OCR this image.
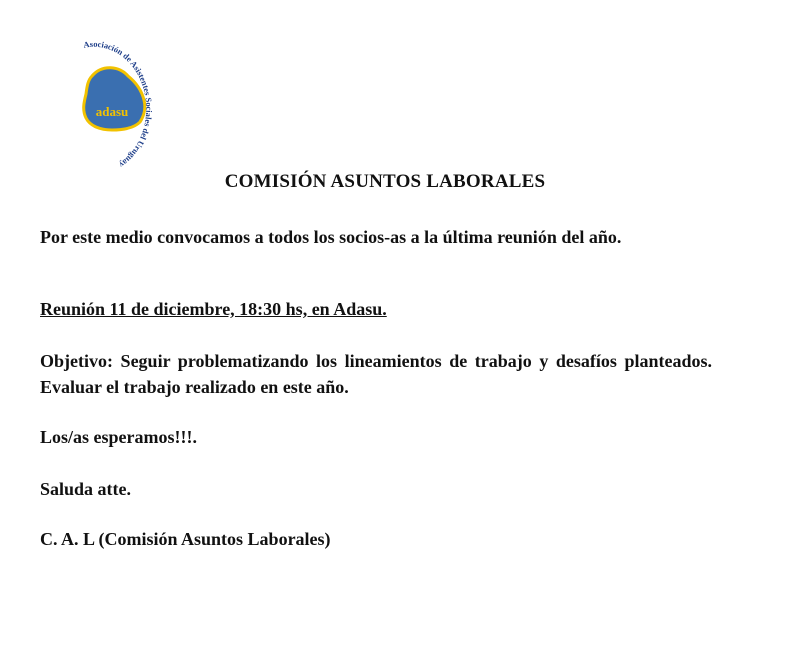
adasu
Asociación de Asistentes Sociales del Uruguay
COMISIÓN ASUNTOS LABORALES

Por este medio convocamos a todos los socios-as a la última reunión del año.

Reunión 11 de diciembre, 18:30 hs, en Adasu.

Objetivo: Seguir problematizando los lineamientos de trabajo y desafíos planteados. Evaluar el trabajo realizado en este año.

Los/as esperamos!!!.

Saluda atte.

C. A. L (Comisión Asuntos Laborales)
